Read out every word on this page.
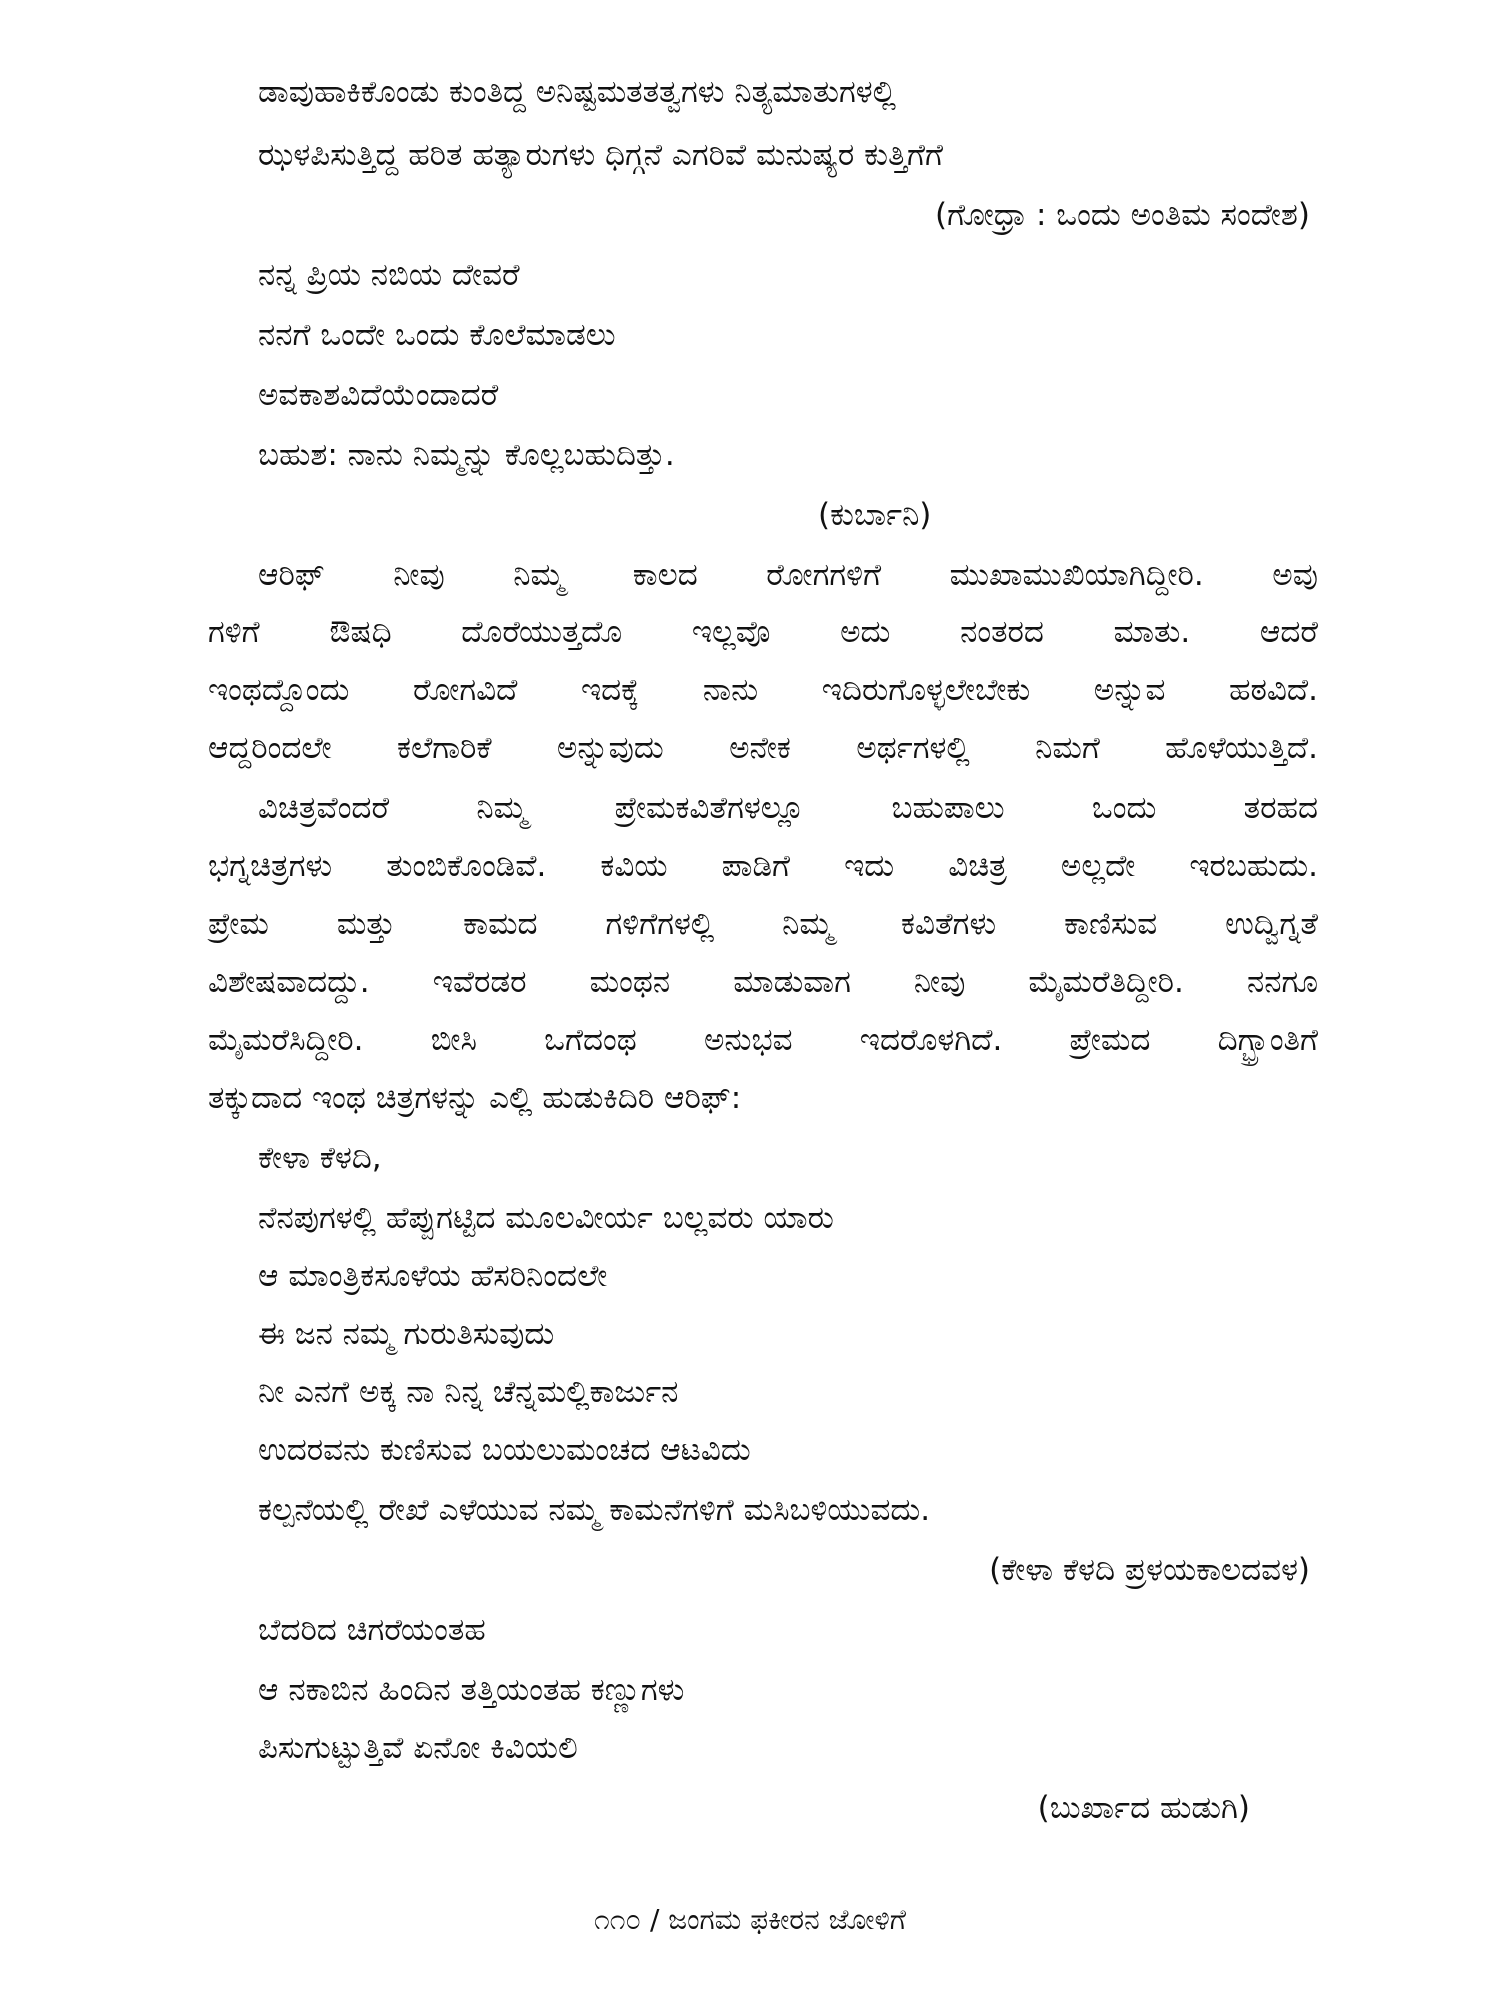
ಡಾವುಹಾಕಿಕೊಂಡು ಕುಂತಿದ್ದ ಅನಿಷ್ಟಮತತತ್ವಗಳು ನಿತ್ಯಮಾತುಗಳಲ್ಲಿ
ಝಳಪಿಸುತ್ತಿದ್ದ ಹರಿತ ಹತ್ಯಾರುಗಳು ಧಿಗ್ಗನೆ ಎಗರಿವೆ ಮನುಷ್ಯರ ಕುತ್ತಿಗೆಗೆ
(ಗೋಧ್ರಾ : ಒಂದು ಅಂತಿಮ ಸಂದೇಶ)
ನನ್ನ ಪ್ರಿಯ ನಬಿಯ ದೇವರೆ
ನನಗೆ ಒಂದೇ ಒಂದು ಕೊಲೆಮಾಡಲು
ಅವಕಾಶವಿದೆಯೆಂದಾದರೆ
ಬಹುಶ: ನಾನು ನಿಮ್ಮನ್ನು ಕೊಲ್ಲಬಹುದಿತ್ತು.
(ಕುರ್ಬಾನಿ)
ಆರಿಫ್ ನೀವು ನಿಮ್ಮ ಕಾಲದ ರೋಗಗಳಿಗೆ ಮುಖಾಮುಖಿಯಾಗಿದ್ದೀರಿ. ಅವು
ಗಳಿಗೆ ಔಷಧಿ ದೊರೆಯುತ್ತದೊ ಇಲ್ಲವೊ ಅದು ನಂತರದ ಮಾತು. ಆದರೆ
ಇಂಥದ್ದೊಂದು ರೋಗವಿದೆ ಇದಕ್ಕೆ ನಾನು ಇದಿರುಗೊಳ್ಳಲೇಬೇಕು ಅನ್ನುವ ಹಠವಿದೆ.
ಆದ್ದರಿಂದಲೇ ಕಲೆಗಾರಿಕೆ ಅನ್ನುವುದು ಅನೇಕ ಅರ್ಥಗಳಲ್ಲಿ ನಿಮಗೆ ಹೊಳೆಯುತ್ತಿದೆ.
ವಿಚಿತ್ರವೆಂದರೆ ನಿಮ್ಮ ಪ್ರೇಮಕವಿತೆಗಳಲ್ಲೂ ಬಹುಪಾಲು ಒಂದು ತರಹದ
ಭಗ್ನಚಿತ್ರಗಳು ತುಂಬಿಕೊಂಡಿವೆ. ಕವಿಯ ಪಾಡಿಗೆ ಇದು ವಿಚಿತ್ರ ಅಲ್ಲದೇ ಇರಬಹುದು.
ಪ್ರೇಮ ಮತ್ತು ಕಾಮದ ಗಳಿಗೆಗಳಲ್ಲಿ ನಿಮ್ಮ ಕವಿತೆಗಳು ಕಾಣಿಸುವ ಉದ್ವಿಗ್ನತೆ
ವಿಶೇಷವಾದದ್ದು. ಇವೆರಡರ ಮಂಥನ ಮಾಡುವಾಗ ನೀವು ಮೈಮರೆತಿದ್ದೀರಿ. ನನಗೂ
ಮೈಮರೆಸಿದ್ದೀರಿ. ಬೀಸಿ ಒಗೆದಂಥ ಅನುಭವ ಇದರೊಳಗಿದೆ. ಪ್ರೇಮದ ದಿಗ್ಭ್ರಾಂತಿಗೆ
ತಕ್ಕುದಾದ ಇಂಥ ಚಿತ್ರಗಳನ್ನು ಎಲ್ಲಿ ಹುಡುಕಿದಿರಿ ಆರಿಫ್:
ಕೇಳಾ ಕೆಳದಿ,
ನೆನಪುಗಳಲ್ಲಿ ಹೆಪ್ಪುಗಟ್ಟಿದ ಮೂಲವೀರ್ಯ ಬಲ್ಲವರು ಯಾರು
ಆ ಮಾಂತ್ರಿಕಸೂಳೆಯ ಹೆಸರಿನಿಂದಲೇ
ಈ ಜನ ನಮ್ಮ ಗುರುತಿಸುವುದು
ನೀ ಎನಗೆ ಅಕ್ಕ ನಾ ನಿನ್ನ ಚೆನ್ನಮಲ್ಲಿಕಾರ್ಜುನ
ಉದರವನು ಕುಣಿಸುವ ಬಯಲುಮಂಚದ ಆಟವಿದು
ಕಲ್ಪನೆಯಲ್ಲಿ ರೇಖೆ ಎಳೆಯುವ ನಮ್ಮ ಕಾಮನೆಗಳಿಗೆ ಮಸಿಬಳಿಯುವದು.
(ಕೇಳಾ ಕೆಳದಿ ಪ್ರಳಯಕಾಲದವಳ)
ಬೆದರಿದ ಚಿಗರೆಯಂತಹ
ಆ ನಕಾಬಿನ ಹಿಂದಿನ ತತ್ತಿಯಂತಹ ಕಣ್ಣುಗಳು
ಪಿಸುಗುಟ್ಟುತ್ತಿವೆ ಏನೋ ಕಿವಿಯಲಿ
(ಬುರ್ಖಾದ ಹುಡುಗಿ)
೧೧೦ / ಜಂಗಮ ಫಕೀರನ ಜೋಳಿಗೆ
